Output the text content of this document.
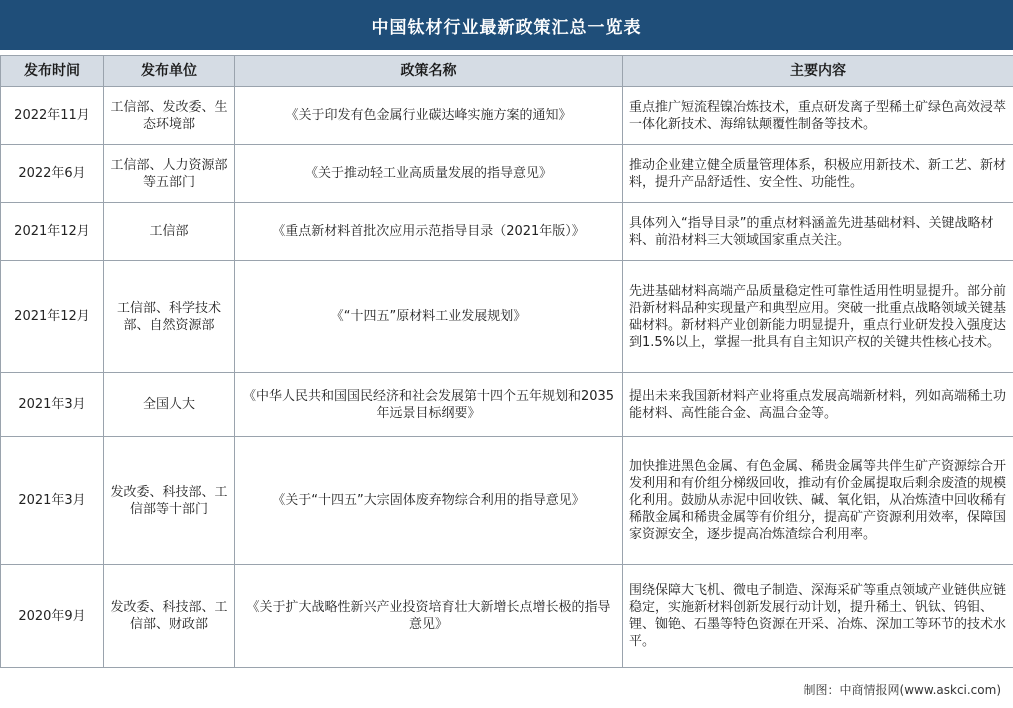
中国钛材行业最新政策汇总一览表
发布时间	发布单位	政策名称	主要内容
2022年11月	工信部、发改委、生态环境部	《关于印发有色金属行业碳达峰实施方案的通知》	重点推广短流程镍冶炼技术，重点研发离子型稀土矿绿色高效浸萃一体化新技术、海绵钛颠覆性制备等技术。
2022年6月	工信部、人力资源部等五部门	《关于推动轻工业高质量发展的指导意见》	推动企业建立健全质量管理体系，积极应用新技术、新工艺、新材料，提升产品舒适性、安全性、功能性。
2021年12月	工信部	《重点新材料首批次应用示范指导目录（2021年版）》	具体列入“指导目录”的重点材料涵盖先进基础材料、关键战略材料、前沿材料三大领域国家重点关注。
2021年12月	工信部、科学技术部、自然资源部	《“十四五”原材料工业发展规划》	先进基础材料高端产品质量稳定性可靠性适用性明显提升。部分前沿新材料品种实现量产和典型应用。突破一批重点战略领域关键基础材料。新材料产业创新能力明显提升，重点行业研发投入强度达到1.5%以上，掌握一批具有自主知识产权的关键共性核心技术。
2021年3月	全国人大	《中华人民共和国国民经济和社会发展第十四个五年规划和2035年远景目标纲要》	提出未来我国新材料产业将重点发展高端新材料，列如高端稀土功能材料、高性能合金、高温合金等。
2021年3月	发改委、科技部、工信部等十部门	《关于“十四五”大宗固体废弃物综合利用的指导意见》	加快推进黑色金属、有色金属、稀贵金属等共伴生矿产资源综合开发利用和有价组分梯级回收，推动有价金属提取后剩余废渣的规模化利用。鼓励从赤泥中回收铁、碱、氧化铝，从冶炼渣中回收稀有稀散金属和稀贵金属等有价组分，提高矿产资源利用效率，保障国家资源安全，逐步提高冶炼渣综合利用率。
2020年9月	发改委、科技部、工信部、财政部	《关于扩大战略性新兴产业投资培育壮大新增长点增长极的指导意见》	围绕保障大飞机、微电子制造、深海采矿等重点领域产业链供应链稳定，实施新材料创新发展行动计划，提升稀土、钒钛、钨钼、锂、铷铯、石墨等特色资源在开采、冶炼、深加工等环节的技术水平。
制图：中商情报网(www.askci.com)
